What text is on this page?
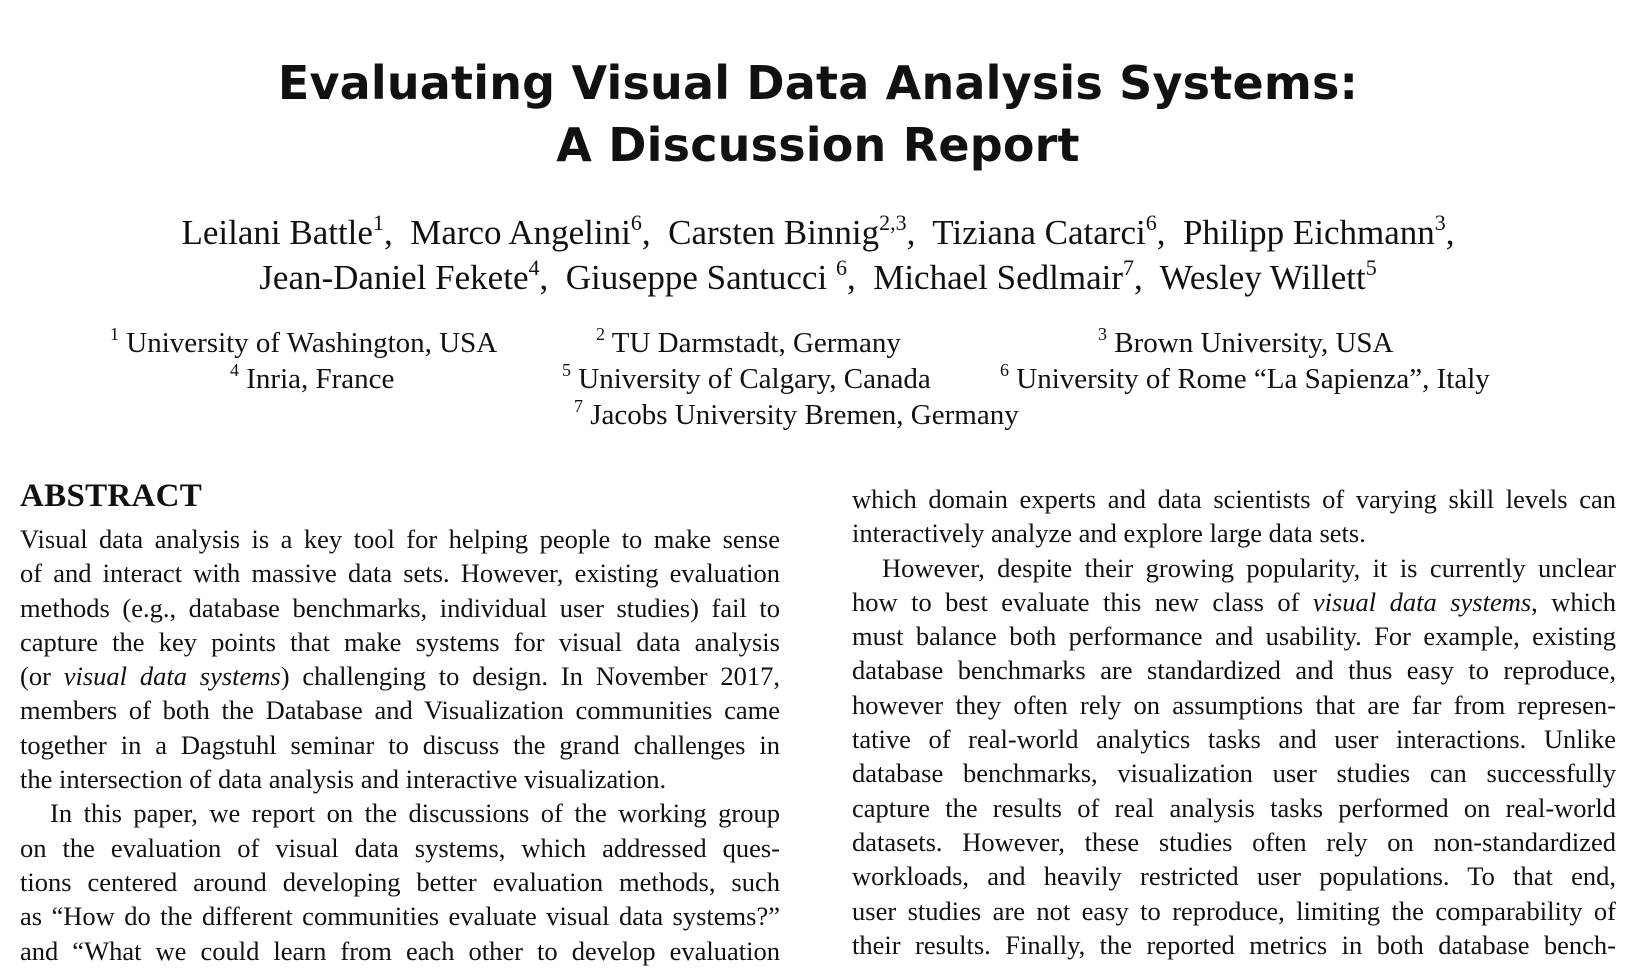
Evaluating Visual Data Analysis Systems:
A Discussion Report
Leilani Battle$^1$,  Marco Angelini$^6$,  Carsten Binnig$^{2,3}$,  Tiziana Catarci$^6$,  Philipp Eichmann$^3$,
Jean-Daniel Fekete$^4$,  Giuseppe Santucci $^6$,  Michael Sedlmair$^7$,  Wesley Willett$^5$
$^1$ University of Washington, USA	$^2$ TU Darmstadt, Germany	$^3$ Brown University, USA
$^4$ Inria, France	$^5$ University of Calgary, Canada	$^6$ University of Rome “La Sapienza”, Italy
$^7$ Jacobs University Bremen, Germany
ABSTRACT
Visual data analysis is a key tool for helping people to make sense
of and interact with massive data sets. However, existing evaluation
methods (e.g., database benchmarks, individual user studies) fail to
capture the key points that make systems for visual data analysis
(or visual data systems) challenging to design. In November 2017,
members of both the Database and Visualization communities came
together in a Dagstuhl seminar to discuss the grand challenges in
the intersection of data analysis and interactive visualization.
In this paper, we report on the discussions of the working group
on the evaluation of visual data systems, which addressed ques-
tions centered around developing better evaluation methods, such
as “How do the different communities evaluate visual data systems?”
and “What we could learn from each other to develop evaluation
which domain experts and data scientists of varying skill levels can
interactively analyze and explore large data sets.
However, despite their growing popularity, it is currently unclear
how to best evaluate this new class of visual data systems, which
must balance both performance and usability. For example, existing
database benchmarks are standardized and thus easy to reproduce,
however they often rely on assumptions that are far from represen-
tative of real-world analytics tasks and user interactions. Unlike
database benchmarks, visualization user studies can successfully
capture the results of real analysis tasks performed on real-world
datasets. However, these studies often rely on non-standardized
workloads, and heavily restricted user populations. To that end,
user studies are not easy to reproduce, limiting the comparability of
their results. Finally, the reported metrics in both database bench-
